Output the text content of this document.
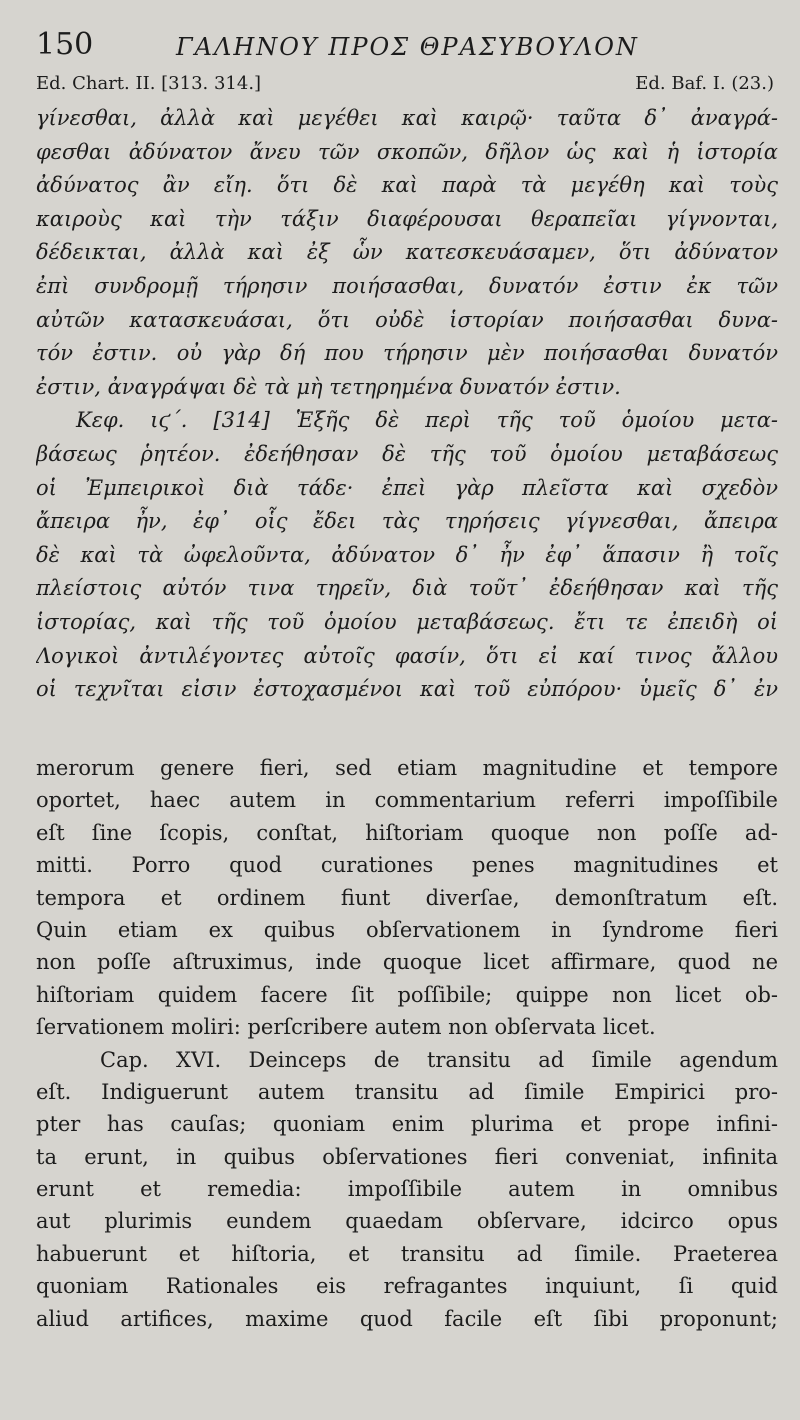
150	ΓΑΛΗΝΟΥ ΠΡΟΣ ΘΡΑΣΥΒΟΥΛΟΝ
Ed. Chart. II. [313. 314.]	Ed. Baf. I. (23.)
γίνεσθαι, ἀλλὰ καὶ μεγέθει καὶ καιρῷ· ταῦτα δ᾽ ἀναγρά-
φεσθαι ἀδύνατον ἄνευ τῶν σκοπῶν, δῆλον ὡς καὶ ἡ ἱστορία
ἀδύνατος ἂν εἴη. ὅτι δὲ καὶ παρὰ τὰ μεγέθη καὶ τοὺς
καιροὺς καὶ τὴν τάξιν διαφέρουσαι θεραπεῖαι γίγνονται,
δέδεικται, ἀλλὰ καὶ ἐξ ὧν κατεσκευάσαμεν, ὅτι ἀδύνατον
ἐπὶ συνδρομῇ τήρησιν ποιήσασθαι, δυνατόν ἐστιν ἐκ τῶν
αὐτῶν κατασκευάσαι, ὅτι οὐδὲ ἱστορίαν ποιήσασθαι δυνα-
τόν ἐστιν. οὐ γὰρ δή που τήρησιν μὲν ποιήσασθαι δυνατόν
ἐστιν, ἀναγράψαι δὲ τὰ μὴ τετηρημένα δυνατόν ἐστιν.
Κεφ. ιϛ΄. [314] Ἑξῆς δὲ περὶ τῆς τοῦ ὁμοίου μετα-
βάσεως ῥητέον. ἐδεήθησαν δὲ τῆς τοῦ ὁμοίου μεταβάσεως
οἱ Ἐμπειρικοὶ διὰ τάδε· ἐπεὶ γὰρ πλεῖστα καὶ σχεδὸν
ἄπειρα ἦν, ἐφ᾽ οἷς ἔδει τὰς τηρήσεις γίγνεσθαι, ἄπειρα
δὲ καὶ τὰ ὠφελοῦντα, ἀδύνατον δ᾽ ἦν ἐφ᾽ ἅπασιν ἢ τοῖς
πλείστοις αὐτόν τινα τηρεῖν, διὰ τοῦτ᾽ ἐδεήθησαν καὶ τῆς
ἱστορίας, καὶ τῆς τοῦ ὁμοίου μεταβάσεως. ἔτι τε ἐπειδὴ οἱ
Λογικοὶ ἀντιλέγοντες αὐτοῖς φασίν, ὅτι εἰ καί τινος ἄλλου
οἱ τεχνῖται εἰσιν ἐστοχασμένοι καὶ τοῦ εὐπόρου· ὑμεῖς δ᾽ ἐν
merorum genere fieri, sed etiam magnitudine et tempore
oportet, haec autem in commentarium referri impoſſibile
eſt ſine ſcopis, conſtat, hiſtoriam quoque non poſſe ad-
mitti. Porro quod curationes penes magnitudines et
tempora et ordinem fiunt diverſae, demonſtratum eſt.
Quin etiam ex quibus obſervationem in ſyndrome fieri
non poſſe aſtruximus, inde quoque licet affirmare, quod ne
hiſtoriam quidem facere ſit poſſibile; quippe non licet ob-
ſervationem moliri: perſcribere autem non obſervata licet.
Cap. XVI. Deinceps de transitu ad ſimile agendum
eſt. Indiguerunt autem transitu ad ſimile Empirici pro-
pter has cauſas; quoniam enim plurima et prope infini-
ta erunt, in quibus obſervationes fieri conveniat, infinita
erunt et remedia: impoſſibile autem in omnibus
aut plurimis eundem quaedam obſervare, idcirco opus
habuerunt et hiſtoria, et transitu ad ſimile. Praeterea
quoniam Rationales eis refragantes inquiunt, ſi quid
aliud artifices, maxime quod facile eſt ſibi proponunt;
